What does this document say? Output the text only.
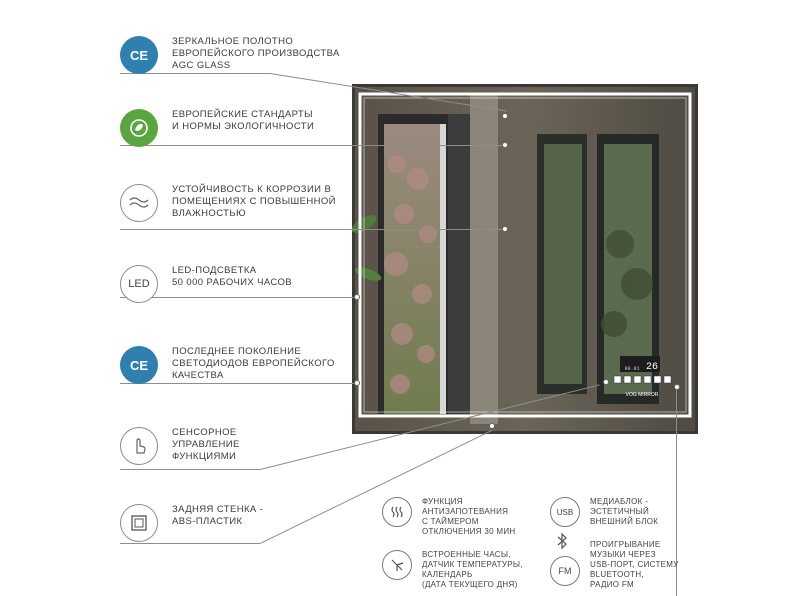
26
99.91
VOG MIRROR
CE
ЗЕРКАЛЬНОЕ ПОЛОТНО
ЕВРОПЕЙСКОГО ПРОИЗВОДСТВА
AGC GLASS
ЕВРОПЕЙСКИЕ СТАНДАРТЫ
И НОРМЫ ЭКОЛОГИЧНОСТИ
УСТОЙЧИВОСТЬ К КОРРОЗИИ В
ПОМЕЩЕНИЯХ С ПОВЫШЕННОЙ
ВЛАЖНОСТЬЮ
LED
LED-ПОДСВЕТКА
50 000 РАБОЧИХ ЧАСОВ
CE
ПОСЛЕДНЕЕ ПОКОЛЕНИЕ
СВЕТОДИОДОВ ЕВРОПЕЙСКОГО
КАЧЕСТВА
СЕНСОРНОЕ
УПРАВЛЕНИЕ
ФУНКЦИЯМИ
ЗАДНЯЯ СТЕНКА -
ABS-ПЛАСТИК
ФУНКЦИЯ
АНТИЗАПОТЕВАНИЯ
С ТАЙМЕРОМ
ОТКЛЮЧЕНИЯ 30 МИН
ВСТРОЕННЫЕ ЧАСЫ,
ДАТЧИК ТЕМПЕРАТУРЫ,
КАЛЕНДАРЬ
(ДАТА ТЕКУЩЕГО ДНЯ)
USB
МЕДИАБЛОК -
ЭСТЕТИЧНЫЙ
ВНЕШНИЙ БЛОК
FM
ПРОИГРЫВАНИЕ
МУЗЫКИ ЧЕРЕЗ
USB-ПОРТ, СИСТЕМУ
BLUETOOTH,
РАДИО FM
